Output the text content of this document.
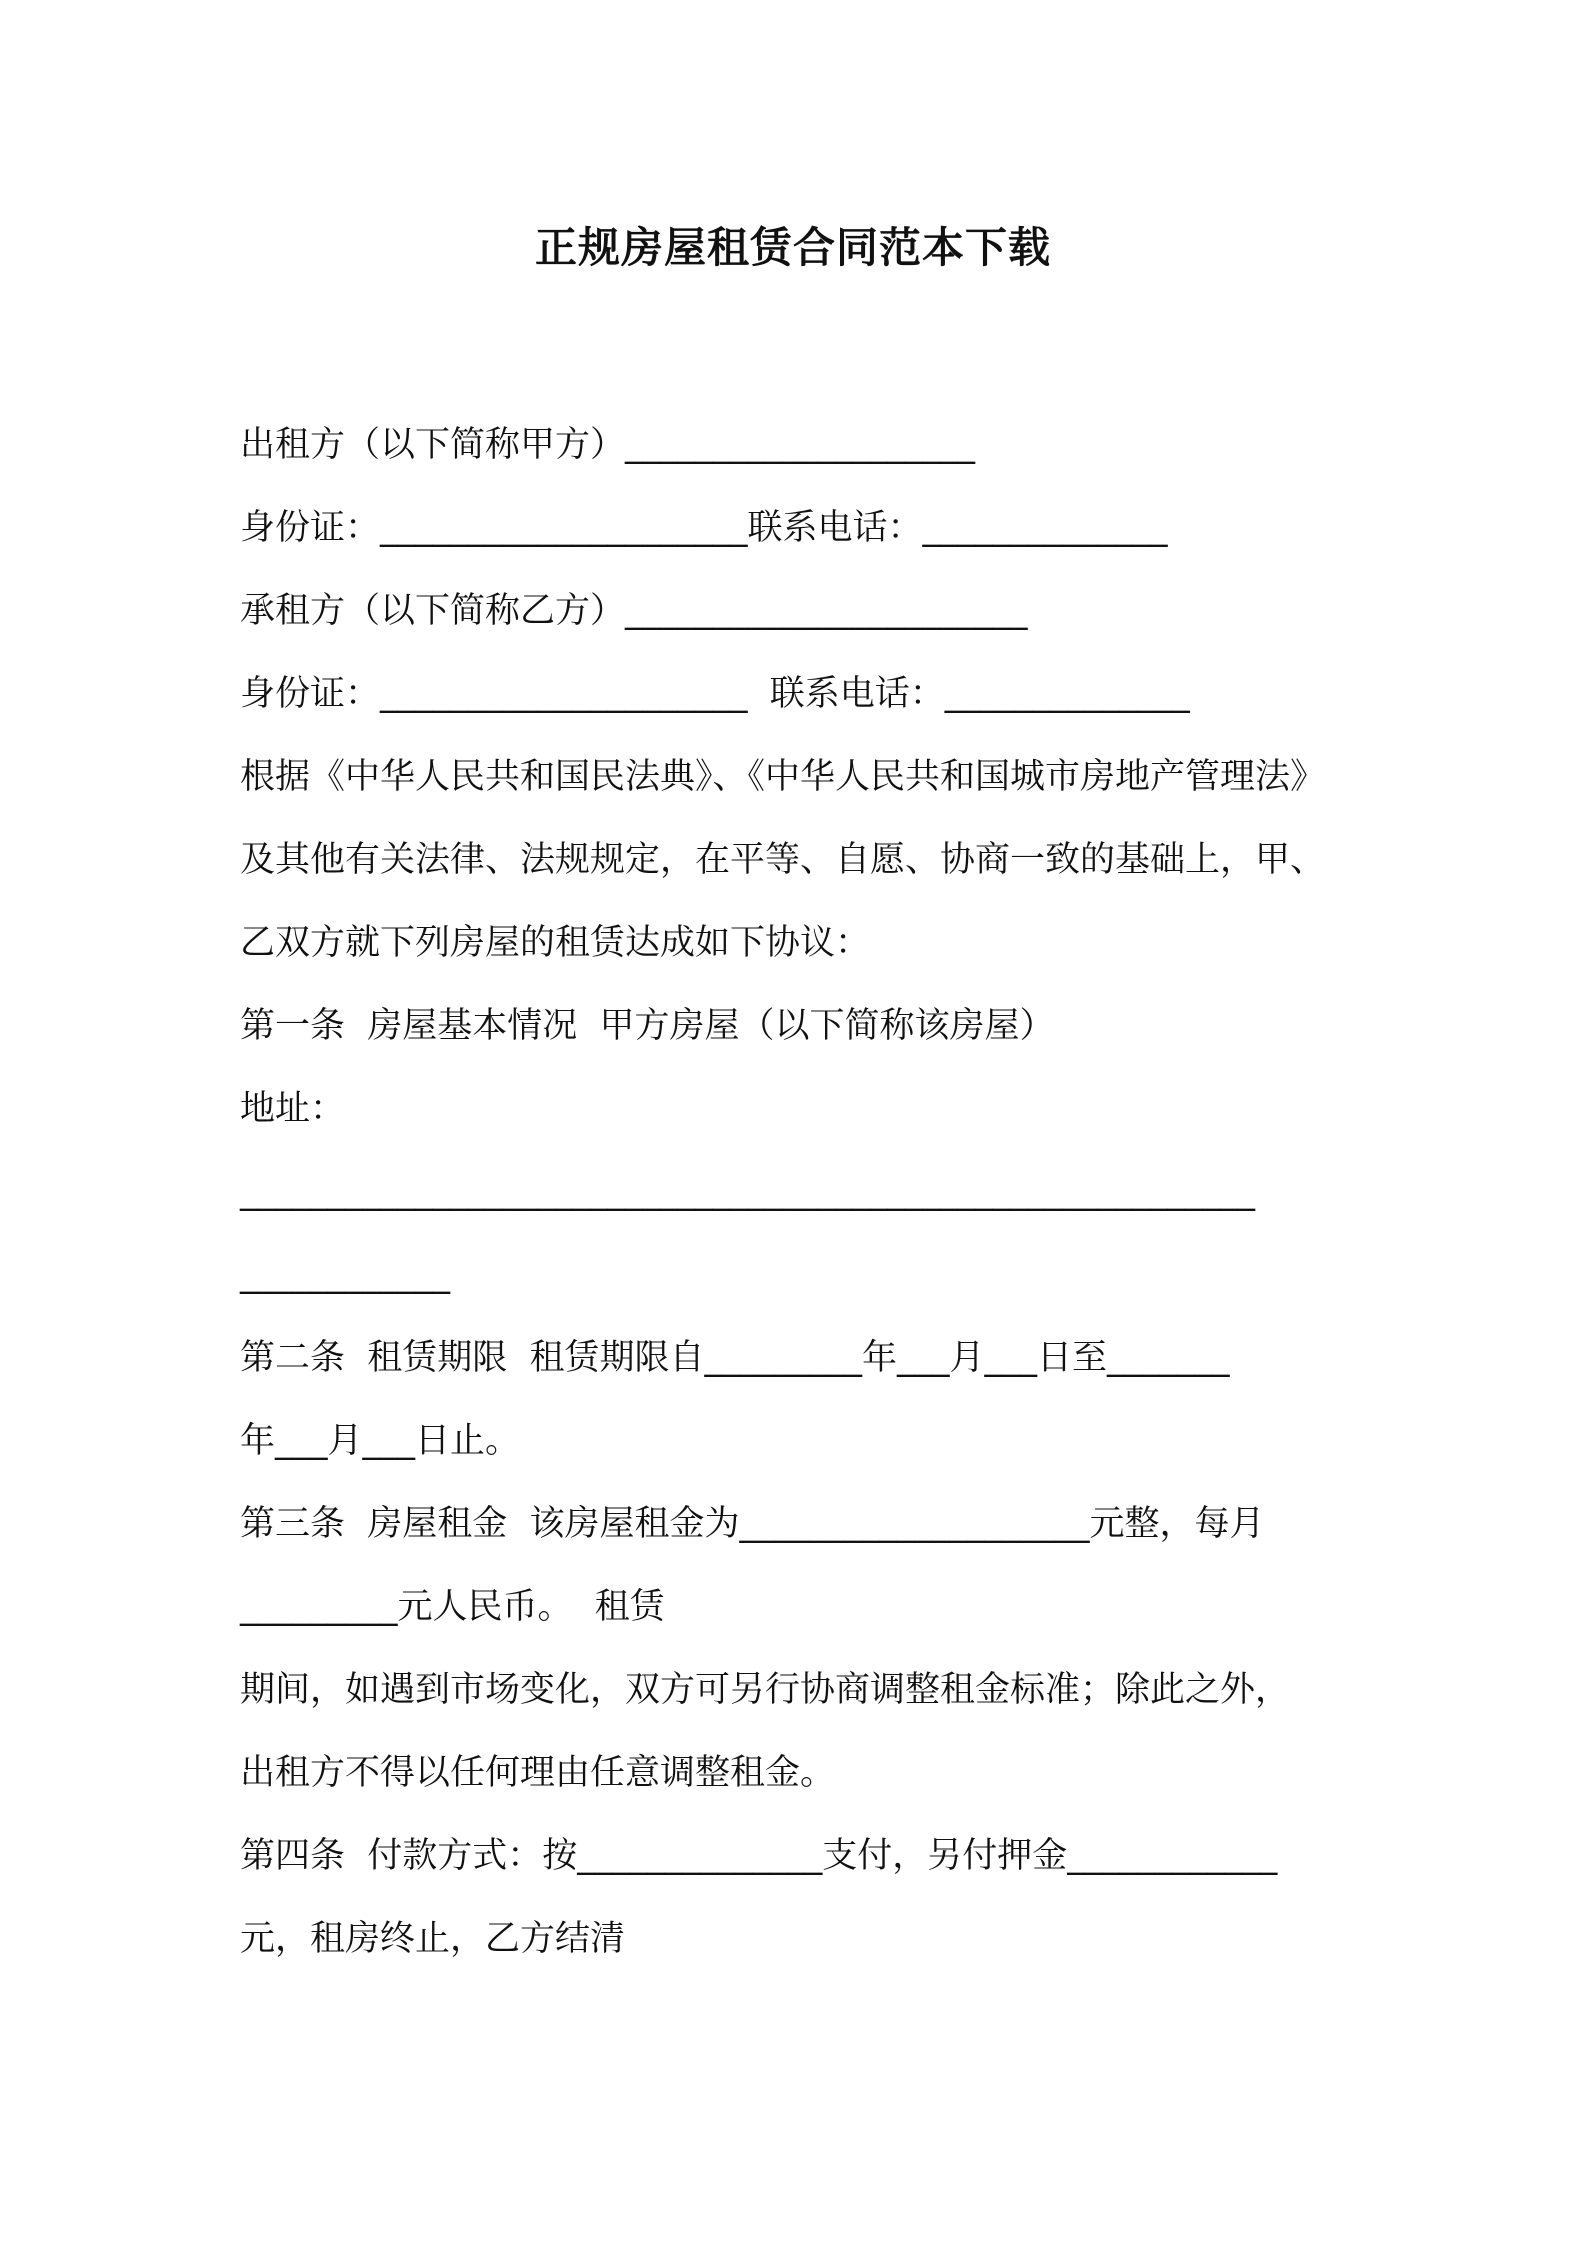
正规房屋租赁合同范本下载
出租方（以下简称甲方）____________________
身份证：_____________________联系电话：______________
承租方（以下简称乙方）_______________________
身份证：_____________________  联系电话：______________
根据《中华人民共和国民法典》、《中华人民共和国城市房地产管理法》
及其他有关法律、法规规定，在平等、自愿、协商一致的基础上，甲、
乙双方就下列房屋的租赁达成如下协议：
第一条  房屋基本情况  甲方房屋（以下简称该房屋）
地址：
__________________________________________________________
____________
第二条  租赁期限  租赁期限自_________年___月___日至_______
年___月___日止。
第三条  房屋租金  该房屋租金为____________________元整，每月
_________元人民币。  租赁
期间，如遇到市场变化，双方可另行协商调整租金标准；除此之外，
出租方不得以任何理由任意调整租金。
第四条  付款方式：按______________支付，另付押金____________
元，租房终止，乙方结清
